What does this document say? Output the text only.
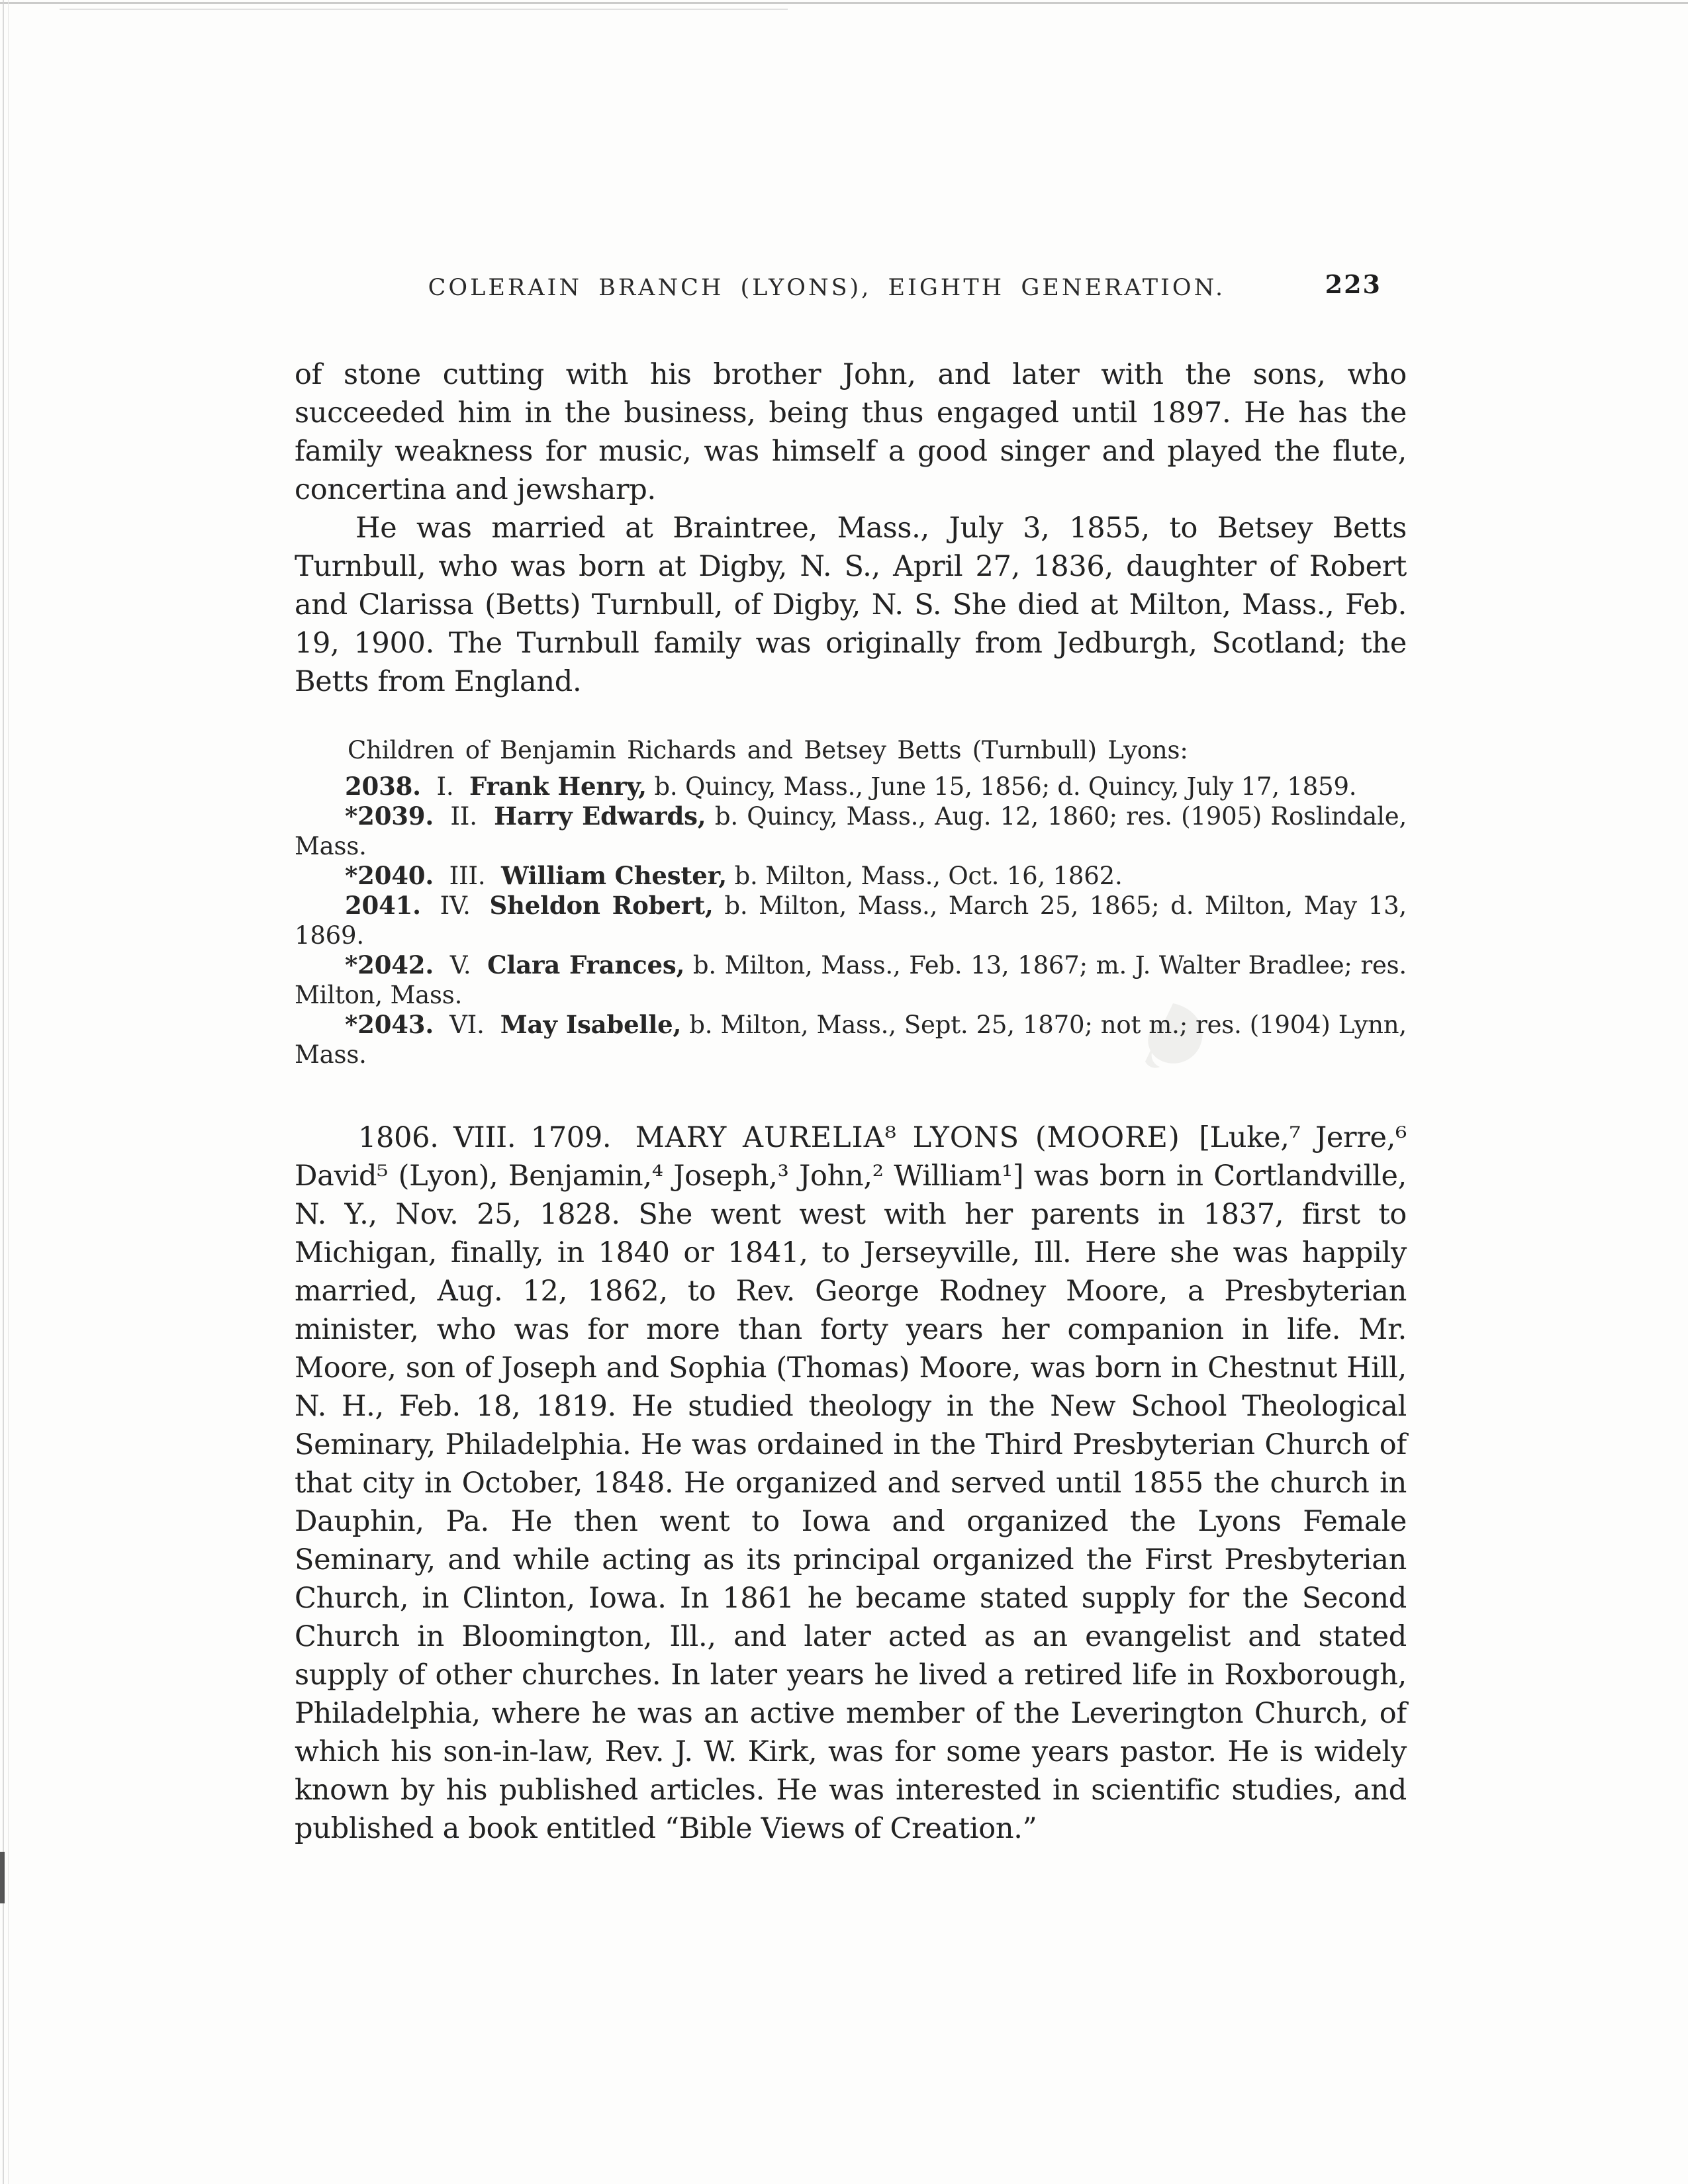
COLERAIN BRANCH (LYONS), EIGHTH GENERATION.	223

of stone cutting with his brother John, and later with the sons, who succeeded him in the business, being thus engaged until 1897. He has the family weakness for music, was himself a good singer and played the flute, concertina and jewsharp.

He was married at Braintree, Mass., July 3, 1855, to Betsey Betts Turnbull, who was born at Digby, N. S., April 27, 1836, daughter of Robert and Clarissa (Betts) Turnbull, of Digby, N. S. She died at Milton, Mass., Feb. 19, 1900. The Turnbull family was originally from Jedburgh, Scotland; the Betts from England.

Children of Benjamin Richards and Betsey Betts (Turnbull) Lyons:

2038. I. Frank Henry, b. Quincy, Mass., June 15, 1856; d. Quincy, July 17, 1859.

*2039. II. Harry Edwards, b. Quincy, Mass., Aug. 12, 1860; res. (1905) Roslindale, Mass.

*2040. III. William Chester, b. Milton, Mass., Oct. 16, 1862.

2041. IV. Sheldon Robert, b. Milton, Mass., March 25, 1865; d. Milton, May 13, 1869.

*2042. V. Clara Frances, b. Milton, Mass., Feb. 13, 1867; m. J. Walter Bradlee; res. Milton, Mass.

*2043. VI. May Isabelle, b. Milton, Mass., Sept. 25, 1870; not m.; res. (1904) Lynn, Mass.

1806. VIII. 1709. MARY AURELIA⁸ LYONS (MOORE) [Luke,⁷ Jerre,⁶ David⁵ (Lyon), Benjamin,⁴ Joseph,³ John,² William¹] was born in Cortlandville, N. Y., Nov. 25, 1828. She went west with her parents in 1837, first to Michigan, finally, in 1840 or 1841, to Jerseyville, Ill. Here she was happily married, Aug. 12, 1862, to Rev. George Rodney Moore, a Presbyterian minister, who was for more than forty years her companion in life. Mr. Moore, son of Joseph and Sophia (Thomas) Moore, was born in Chestnut Hill, N. H., Feb. 18, 1819. He studied theology in the New School Theological Seminary, Philadelphia. He was ordained in the Third Presbyterian Church of that city in October, 1848. He organized and served until 1855 the church in Dauphin, Pa. He then went to Iowa and organized the Lyons Female Seminary, and while acting as its principal organized the First Presbyterian Church, in Clinton, Iowa. In 1861 he became stated supply for the Second Church in Bloomington, Ill., and later acted as an evangelist and stated supply of other churches. In later years he lived a retired life in Roxborough, Philadelphia, where he was an active member of the Leverington Church, of which his son-in-law, Rev. J. W. Kirk, was for some years pastor. He is widely known by his published articles. He was interested in scientific studies, and published a book entitled “Bible Views of Creation.”
